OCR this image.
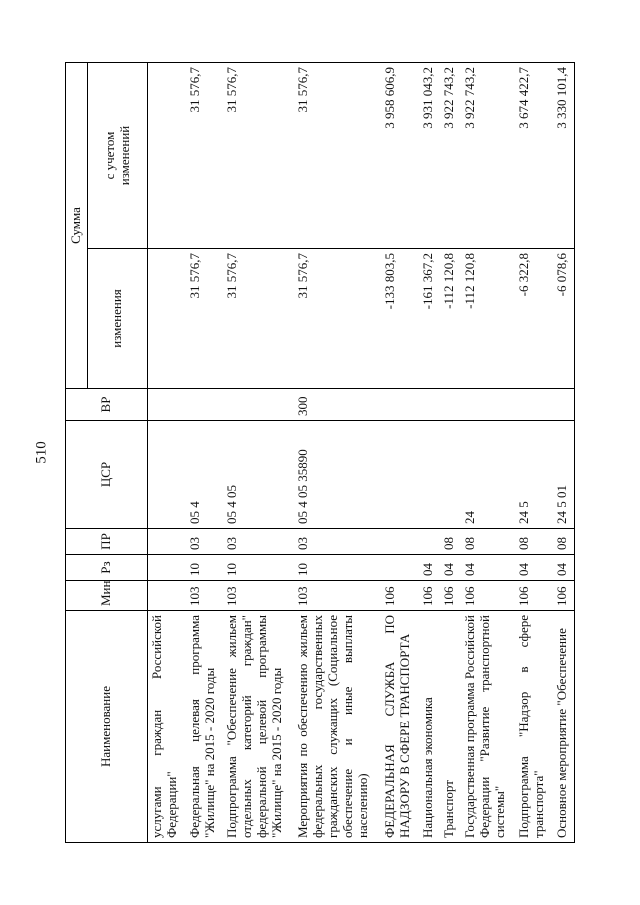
510
Наименование	Мин	Рз	ПР	ЦСР	ВР	Сумма	
						изменения	с учетом изменений

услугами граждан Российской Федерации"							
Федеральная целевая программа "Жилище" на 2015 - 2020 годы	103	10	03	05 4		31 576,7	31 576,7
Подпрограмма "Обеспечение жильем отдельных категорий граждан" федеральной целевой программы "Жилище" на 2015 - 2020 годы	103	10	03	05 4 05		31 576,7	31 576,7
Мероприятия по обеспечению жильем федеральных государственных гражданских служащих (Социальное обеспечение и иные выплаты населению)	103	10	03	05 4 05 35890	300	31 576,7	31 576,7
ФЕДЕРАЛЬНАЯ СЛУЖБА ПО НАДЗОРУ В СФЕРЕ ТРАНСПОРТА	106					-133 803,5	3 958 606,9
Национальная экономика	106	04				-161 367,2	3 931 043,2
Транспорт	106	04	08			-112 120,8	3 922 743,2
Государственная программа Российской Федерации "Развитие транспортной системы"	106	04	08	24		-112 120,8	3 922 743,2
Подпрограмма "Надзор в сфере транспорта"	106	04	08	24 5		-6 322,8	3 674 422,7
Основное мероприятие "Обеспечение	106	04	08	24 5 01		-6 078,6	3 330 101,4
